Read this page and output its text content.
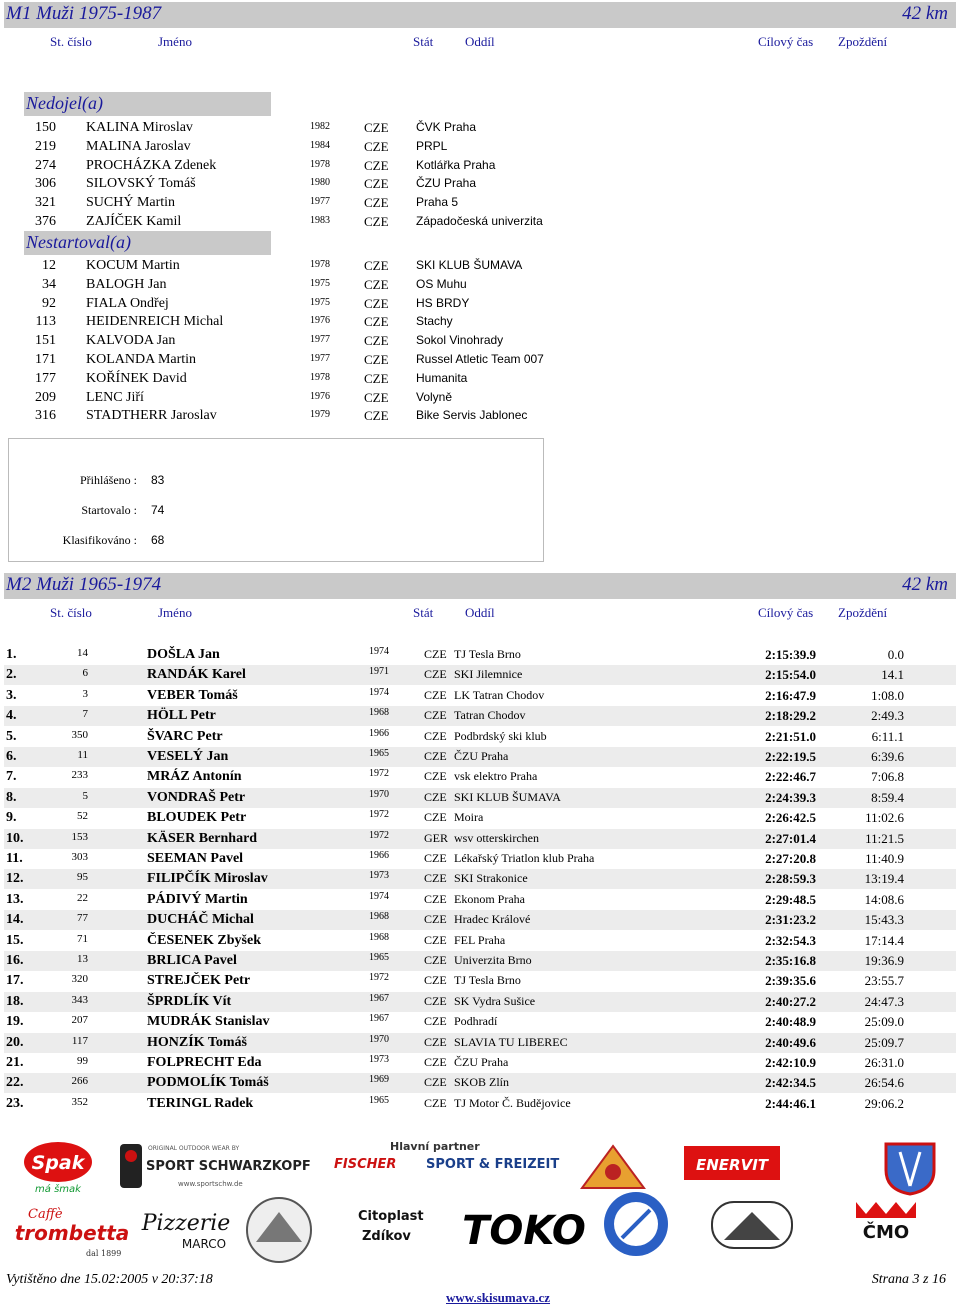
M1 Muži 1975-1987	42 km
St. číslo	Jméno	Stát Oddíl	Cílový čas Zpoždění
Nedojel(a)
150 KALINA Miroslav	1982	CZE ČVK Praha
219 MALINA Jaroslav	1984	CZE PRPL
274 PROCHÁZKA Zdenek	1978	CZE Kotlářka Praha
306 SILOVSKÝ Tomáš	1980	CZE ČZU Praha
321 SUCHÝ Martin	1977	CZE Praha 5
376 ZAJÍČEK Kamil	1983	CZE Západočeská univerzita
Nestartoval(a)
12 KOCUM Martin	1978	CZE SKI KLUB ŠUMAVA
34 BALOGH Jan	1975	CZE OS Muhu
92 FIALA Ondřej	1975	CZE HS BRDY
113 HEIDENREICH Michal	1976	CZE Stachy
151 KALVODA Jan	1977	CZE Sokol Vinohrady
171 KOLANDA Martin	1977	CZE Russel Atletic Team 007
177 KOŘÍNEK David	1978	CZE Humanita
209 LENC Jiří	1976	CZE Volyně
316 STADTHERR Jaroslav	1979	CZE Bike Servis Jablonec
Přihlášeno : 83
Startovalo : 74
Klasifikováno : 68
M2 Muži 1965-1974	42 km
St. číslo	Jméno	Stát Oddíl	Cílový čas Zpoždění
1.	14	DOŠLA Jan	1974	CZE TJ Tesla Brno	2:15:39.9	0.0
2.	6	RANDÁK Karel	1971	CZE SKI Jilemnice	2:15:54.0	14.1
3.	3	VEBER Tomáš	1974	CZE LK Tatran Chodov	2:16:47.9	1:08.0
4.	7	HÖLL Petr	1968	CZE Tatran Chodov	2:18:29.2	2:49.3
5.	350	ŠVARC Petr	1966	CZE Podbrdský ski klub	2:21:51.0	6:11.1
6.	11	VESELÝ Jan	1965	CZE ČZU Praha	2:22:19.5	6:39.6
7.	233	MRÁZ Antonín	1972	CZE vsk elektro Praha	2:22:46.7	7:06.8
8.	5	VONDRAŠ Petr	1970	CZE SKI KLUB ŠUMAVA	2:24:39.3	8:59.4
9.	52	BLOUDEK Petr	1972	CZE Moira	2:26:42.5	11:02.6
10.	153	KÄSER Bernhard	1972	GER wsv otterskirchen	2:27:01.4	11:21.5
11.	303	SEEMAN Pavel	1966	CZE Lékařský Triatlon klub Praha	2:27:20.8	11:40.9
12.	95	FILIPČÍK Miroslav	1973	CZE SKI Strakonice	2:28:59.3	13:19.4
13.	22	PÁDIVÝ Martin	1974	CZE Ekonom Praha	2:29:48.5	14:08.6
14.	77	DUCHÁČ Michal	1968	CZE Hradec Králové	2:31:23.2	15:43.3
15.	71	ČESENEK Zbyšek	1968	CZE FEL Praha	2:32:54.3	17:14.4
16.	13	BRLICA Pavel	1965	CZE Univerzita Brno	2:35:16.8	19:36.9
17.	320	STREJČEK Petr	1972	CZE TJ Tesla Brno	2:39:35.6	23:55.7
18.	343	ŠPRDLÍK Vít	1967	CZE SK Vydra Sušice	2:40:27.2	24:47.3
19.	207	MUDRÁK Stanislav	1967	CZE Podhradí	2:40:48.9	25:09.0
20.	117	HONZÍK Tomáš	1970	CZE SLAVIA TU LIBEREC	2:40:49.6	25:09.7
21.	99	FOLPRECHT Eda	1973	CZE ČZU Praha	2:42:10.9	26:31.0
22.	266	PODMOLÍK Tomáš	1969	CZE SKOB Zlín	2:42:34.5	26:54.6
23.	352	TERINGL Radek	1965	CZE TJ Motor Č. Budějovice	2:44:46.1	29:06.2
Spak
má šmak
ORIGINAL OUTDOOR WEAR BY
SPORT SCHWARZKOPF
www.sportschw.de
Hlavní partner
FISCHER SPORT & FREIZEIT	ENERVIT
Caffè
trombetta
dal 1899
Pizzerie
MARCO
Citoplast
Zdíkov TOKO	ČMO
Vytištěno dne 15.02:2005 v 20:37:18	Strana 3 z 16
www.skisumava.cz
